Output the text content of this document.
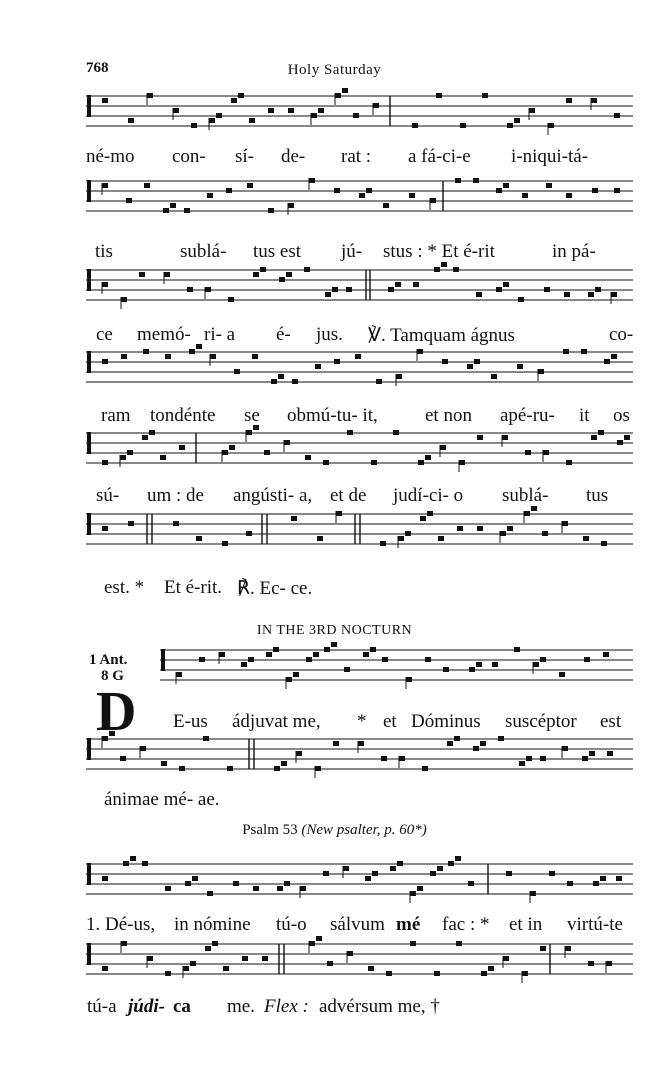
768	Holy Saturday
né-mo con- sí- de- rat : a fá-ci-e i-niqui-tá-
tis	sublá- tus est jú- stus : * Et é-rit	in pá-
ce memó- ri- a é- jus. ℣. Tamquam ágnus	co-
ram tondénte se obmú-tu- it, et non apé-ru- it os
sú- um : de angústi- a, et de judí-ci- o sublá- tus
est. * Et é-rit. ℟. Ec- ce.
IN THE 3RD NOCTURN
1 Ant.
8 G
D E-us ádjuvat me, * et Dóminus suscéptor est
ánimae mé- ae.
Psalm 53 (New psalter, p. 60*)
1. Dé-us, in nómine tú-o sálvum mé fac : * et in virtú-te
tú-a júdi- ca me. Flex : advérsum me, †
